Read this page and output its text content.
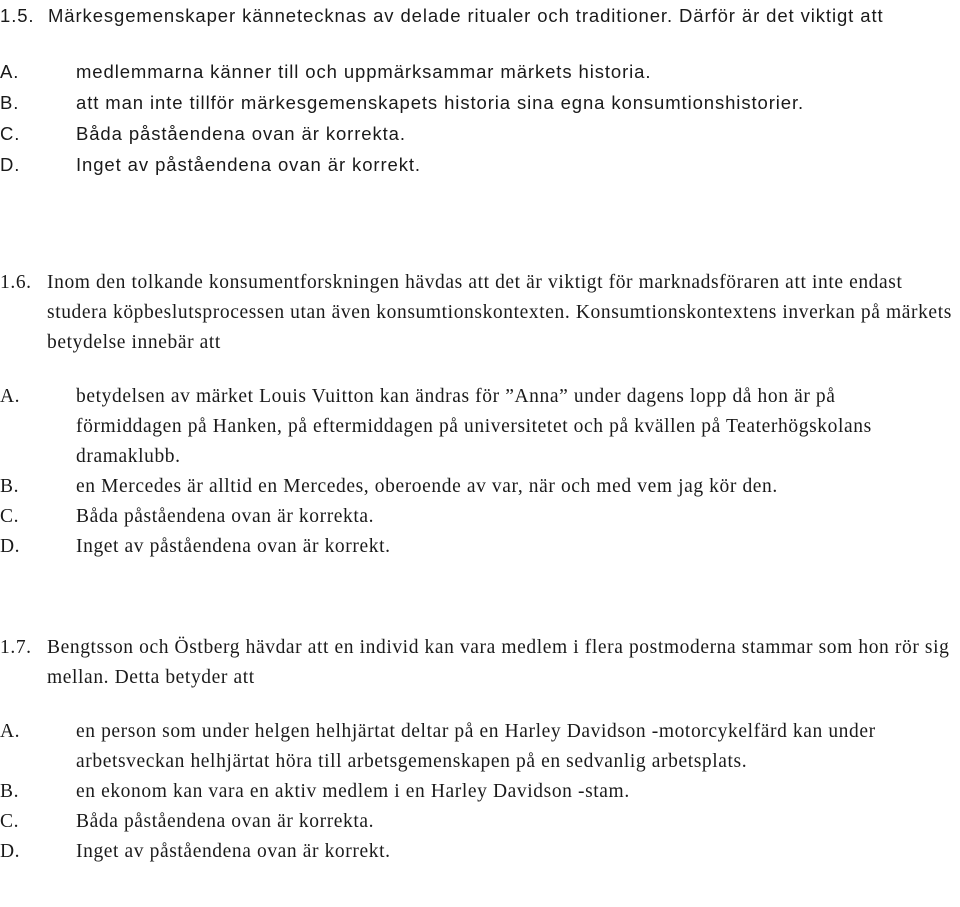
1.5. Märkesgemenskaper kännetecknas av delade ritualer och traditioner. Därför är det viktigt att
A.	medlemmarna känner till och uppmärksammar märkets historia.
B.	att man inte tillför märkesgemenskapets historia sina egna konsumtionshistorier.
C.	Båda påståendena ovan är korrekta.
D.	Inget av påståendena ovan är korrekt.
1.6. Inom den tolkande konsumentforskningen hävdas att det är viktigt för marknadsföraren att inte endast studera köpbeslutsprocessen utan även konsumtionskontexten. Konsumtionskontextens inverkan på märkets betydelse innebär att
A.	betydelsen av märket Louis Vuitton kan ändras för ”Anna” under dagens lopp då hon är på förmiddagen på Hanken, på eftermiddagen på universitetet och på kvällen på Teaterhögskolans dramaklubb.
B.	en Mercedes är alltid en Mercedes, oberoende av var, när och med vem jag kör den.
C.	Båda påståendena ovan är korrekta.
D.	Inget av påståendena ovan är korrekt.
1.7. Bengtsson och Östberg hävdar att en individ kan vara medlem i flera postmoderna stammar som hon rör sig mellan. Detta betyder att
A.	en person som under helgen helhjärtat deltar på en Harley Davidson -motorcykelfärd kan under arbetsveckan helhjärtat höra till arbetsgemenskapen på en sedvanlig arbetsplats.
B.	en ekonom kan vara en aktiv medlem i en Harley Davidson -stam.
C.	Båda påståendena ovan är korrekta.
D.	Inget av påståendena ovan är korrekt.
